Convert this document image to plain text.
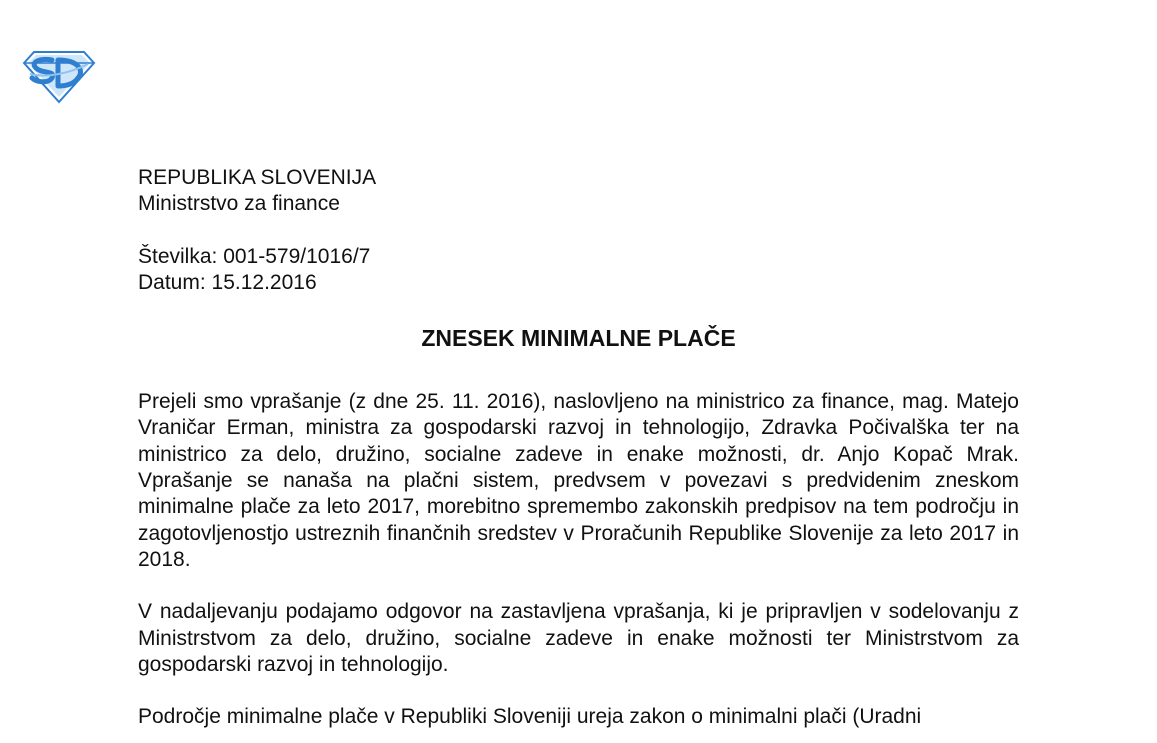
REPUBLIKA SLOVENIJA
Ministrstvo za finance
Številka: 001-579/1016/7
Datum: 15.12.2016
ZNESEK MINIMALNE PLAČE

Prejeli smo vprašanje (z dne 25. 11. 2016), naslovljeno na ministrico za finance, mag. Matejo Vraničar Erman, ministra za gospodarski razvoj in tehnologijo, Zdravka Počivalška ter na ministrico za delo, družino, socialne zadeve in enake možnosti, dr. Anjo Kopač Mrak. Vprašanje se nanaša na plačni sistem, predvsem v povezavi s predvidenim zneskom minimalne plače za leto 2017, morebitno spremembo zakonskih predpisov na tem področju in zagotovljenostjo ustreznih finančnih sredstev v Proračunih Republike Slovenije za leto 2017 in 2018.

V nadaljevanju podajamo odgovor na zastavljena vprašanja, ki je pripravljen v sodelovanju z Ministrstvom za delo, družino, socialne zadeve in enake možnosti ter Ministrstvom za gospodarski razvoj in tehnologijo.

Področje minimalne plače v Republiki Sloveniji ureja zakon o minimalni plači (Uradni
